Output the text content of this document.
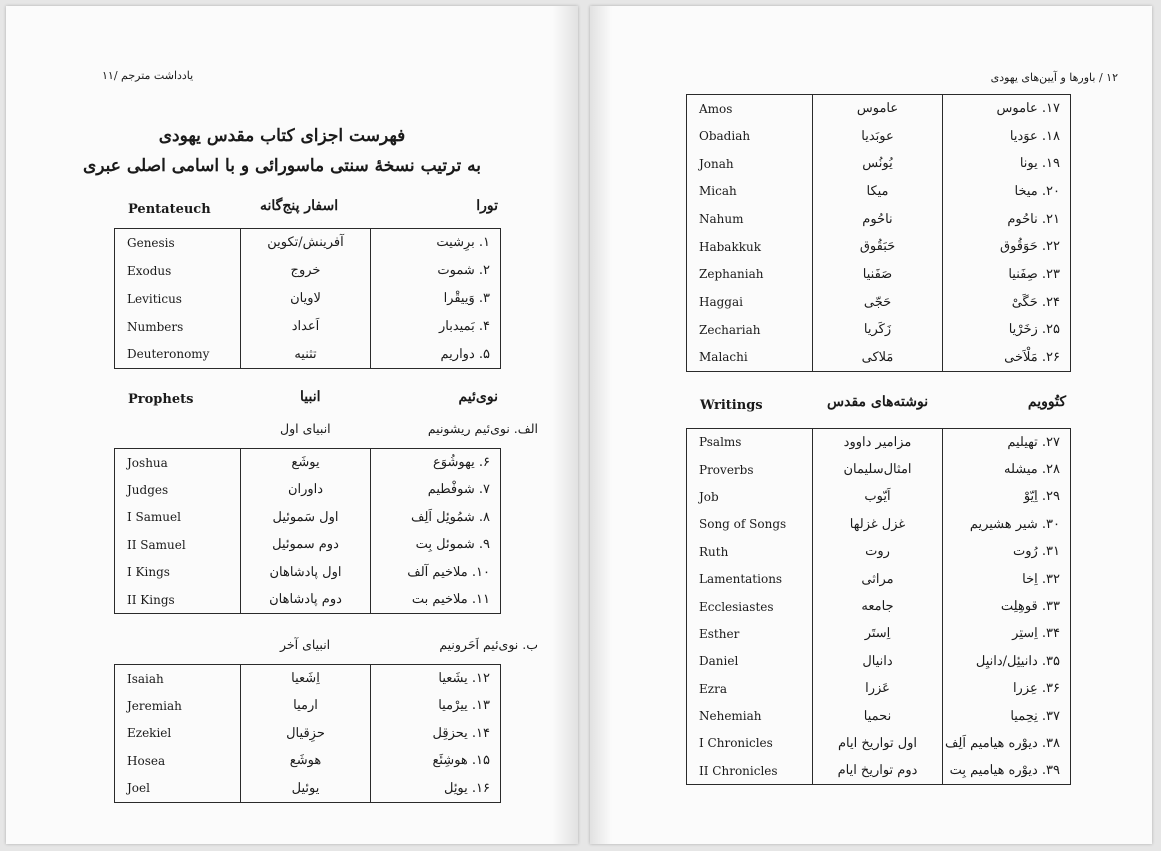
یادداشت مترجم /۱۱
فهرست اجزای کتاب مقدس یهودی
به ترتیب نسخهٔ سنتی ماسورائی و با اسامی اصلی عبری
Pentateuch	اسفار پنج‌گانه	تورا
Genesis	آفرینش/تکوین	۱. برِشیت
Exodus	خروج	۲. شموت
Leviticus	لاویان	۳. وَییقْرا
Numbers	اَعداد	۴. بَمیدبار
Deuteronomy	تثنیه	۵. دواریم
Prophets	انبیا	نوی‌ئیم
انبیای اول	الف. نوی‌ئیم ریشونیم
Joshua	یوشَع	۶. یهوشُوَع
Judges	داوران	۷. شوفْطیم
I Samuel	اول سَموئیل	۸. شمُوئِل اَلِف
II Samuel	دوم سموئیل	۹. شموئل بِت
I Kings	اول پادشاهان	۱۰. ملاخیم آلف
II Kings	دوم پادشاهان	۱۱. ملاخیم بت
انبیای آخر	ب. نوی‌ئیم اَحَرونیم
Isaiah	اِشَعیا	۱۲. یشَعیا
Jeremiah	ارمیا	۱۳. ییرْمیا
Ezekiel	حزِقیال	۱۴. یحزقِل
Hosea	هوشَع	۱۵. هوشِئَع
Joel	یوئیل	۱۶. یوئِل
۱۲ / باورها و آیین‌های یهودی
Amos	عاموس	۱۷. عاموس
Obadiah	عوبَدیا	۱۸. عوَدیا
Jonah	یُونُس	۱۹. یونا
Micah	میکا	۲۰. میخا
Nahum	ناحُوم	۲۱. ناحُوم
Habakkuk	حَبَقُوق	۲۲. حَوَقُوق
Zephaniah	صَفَنیا	۲۳. صِفَنیا
Haggai	حَجّی	۲۴. حَگَیْ
Zechariah	زَکَریا	۲۵. زخَرْیا
Malachi	مَلاکی	۲۶. مَلْاَخی
Writings	نوشته‌های مقدس	کتُوویم
Psalms	مزامیر داوود	۲۷. تهیلیم
Proverbs	امثال‌سلیمان	۲۸. میشله
Job	اَیّوب	۲۹. اِیّوْ
Song of Songs	غزل غزلها	۳۰. شیر هشیریم
Ruth	روت	۳۱. رُوت
Lamentations	مراثی	۳۲. اِخا
Ecclesiastes	جامعه	۳۳. قوهِلِت
Esther	اِستَر	۳۴. اِستِر
Daniel	دانیال	۳۵. دانیئِل/دانیِل
Ezra	عَزرا	۳۶. عِزرا
Nehemiah	نحمیا	۳۷. نِحِمیا
I Chronicles	اول تواریخ ایام	۳۸. دیوْره هیامیم اَلِف
II Chronicles	دوم تواریخ ایام	۳۹. دیوْره هیامیم بِت
